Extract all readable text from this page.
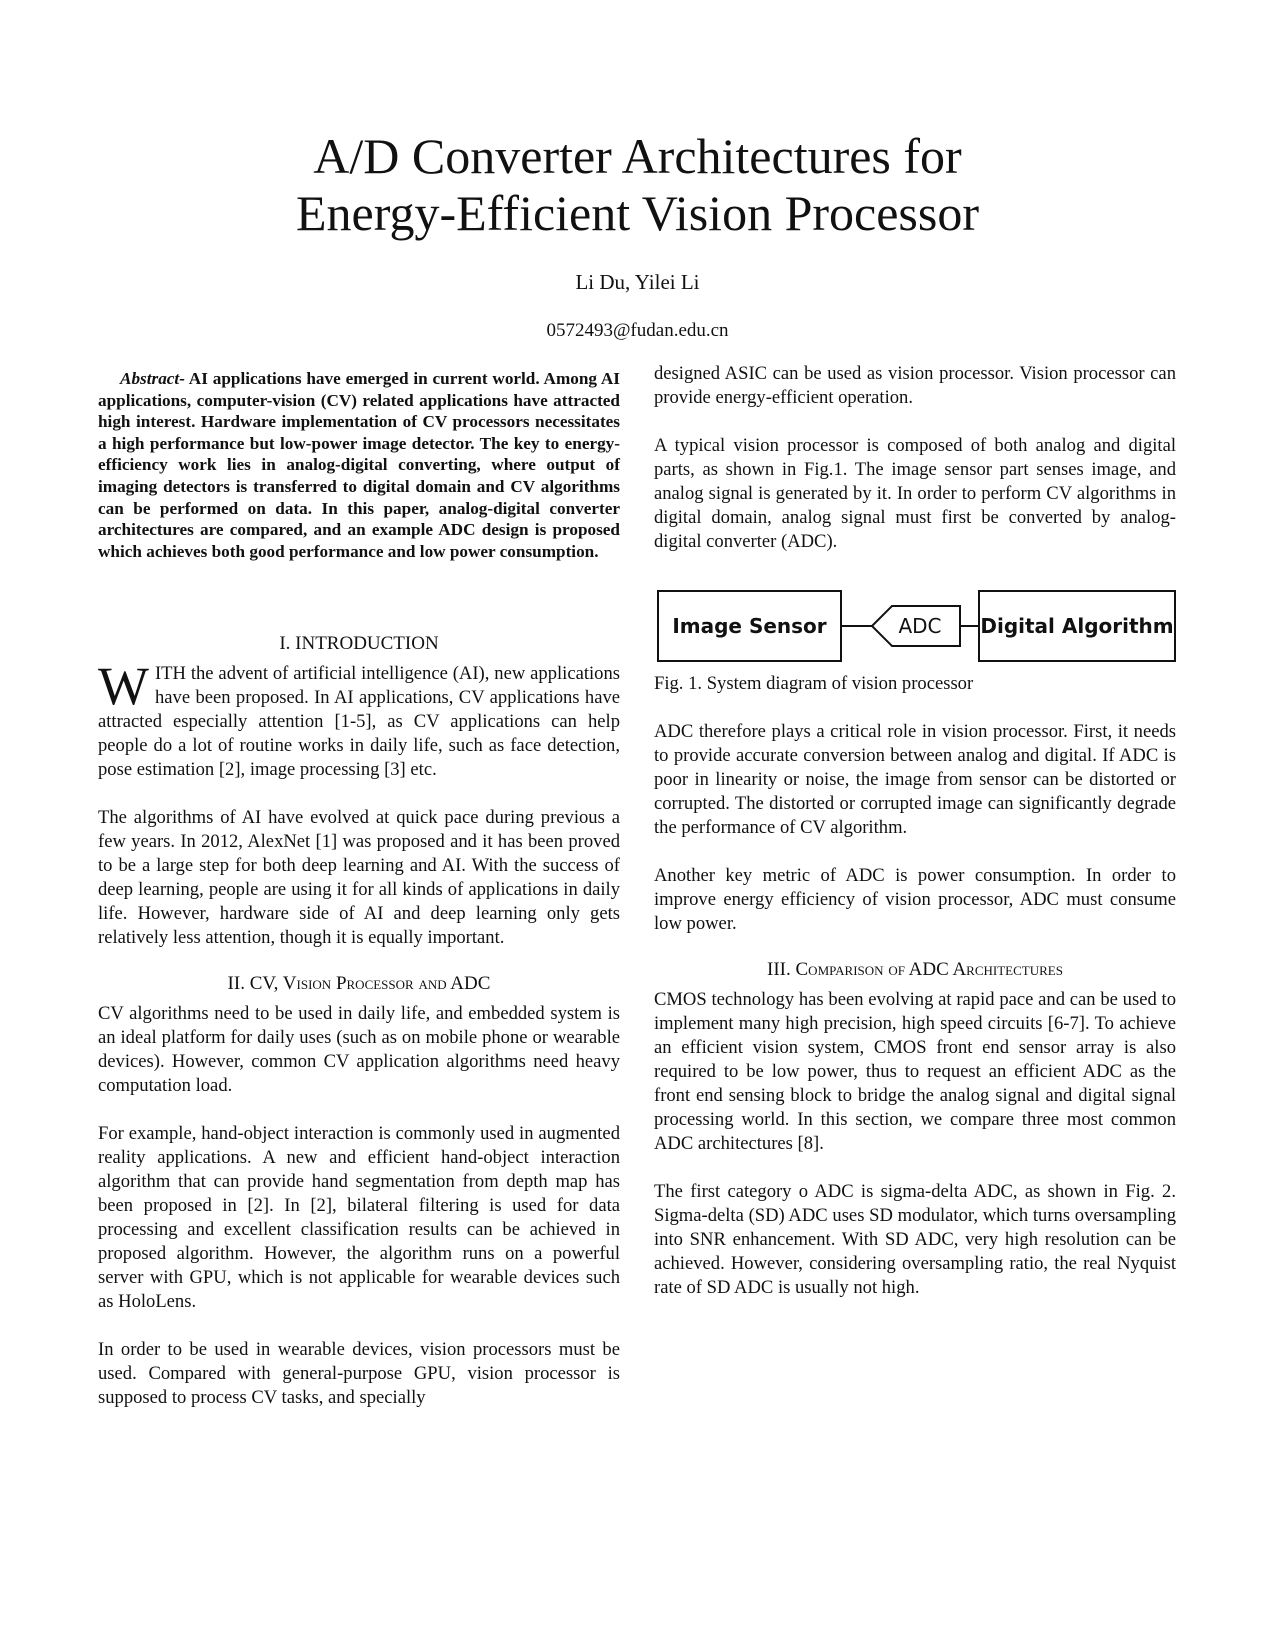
A/D Converter Architectures for
Energy-Efficient Vision Processor
Li Du, Yilei Li
0572493@fudan.edu.cn

Abstract- AI applications have emerged in current world. Among AI applications, computer-vision (CV) related applications have attracted high interest. Hardware implementation of CV processors necessitates a high performance but low-power image detector. The key to energy-efficiency work lies in analog-digital converting, where output of imaging detectors is transferred to digital domain and CV algorithms can be performed on data. In this paper, analog-digital converter architectures are compared, and an example ADC design is proposed which achieves both good performance and low power consumption.

I. INTRODUCTION

WITH the advent of artificial intelligence (AI), new applications have been proposed. In AI applications, CV applications have attracted especially attention [1-5], as CV applications can help people do a lot of routine works in daily life, such as face detection, pose estimation [2], image processing [3] etc.

The algorithms of AI have evolved at quick pace during previous a few years. In 2012, AlexNet [1] was proposed and it has been proved to be a large step for both deep learning and AI. With the success of deep learning, people are using it for all kinds of applications in daily life. However, hardware side of AI and deep learning only gets relatively less attention, though it is equally important.

II. CV, Vision Processor and ADC

CV algorithms need to be used in daily life, and embedded system is an ideal platform for daily uses (such as on mobile phone or wearable devices). However, common CV application algorithms need heavy computation load.

For example, hand-object interaction is commonly used in augmented reality applications. A new and efficient hand-object interaction algorithm that can provide hand segmentation from depth map has been proposed in [2]. In [2], bilateral filtering is used for data processing and excellent classification results can be achieved in proposed algorithm. However, the algorithm runs on a powerful server with GPU, which is not applicable for wearable devices such as HoloLens.

In order to be used in wearable devices, vision processors must be used. Compared with general-purpose GPU, vision processor is supposed to process CV tasks, and specially

designed ASIC can be used as vision processor. Vision processor can provide energy-efficient operation.

A typical vision processor is composed of both analog and digital parts, as shown in Fig.1. The image sensor part senses image, and analog signal is generated by it. In order to perform CV algorithms in digital domain, analog signal must first be converted by analog-digital converter (ADC).

Image Sensor	ADC	Digital Algorithm

Fig. 1. System diagram of vision processor

ADC therefore plays a critical role in vision processor. First, it needs to provide accurate conversion between analog and digital. If ADC is poor in linearity or noise, the image from sensor can be distorted or corrupted. The distorted or corrupted image can significantly degrade the performance of CV algorithm.

Another key metric of ADC is power consumption. In order to improve energy efficiency of vision processor, ADC must consume low power.

III. Comparison of ADC Architectures

CMOS technology has been evolving at rapid pace and can be used to implement many high precision, high speed circuits [6-7]. To achieve an efficient vision system, CMOS front end sensor array is also required to be low power, thus to request an efficient ADC as the front end sensing block to bridge the analog signal and digital signal processing world. In this section, we compare three most common ADC architectures [8].

The first category o ADC is sigma-delta ADC, as shown in Fig. 2. Sigma-delta (SD) ADC uses SD modulator, which turns oversampling into SNR enhancement. With SD ADC, very high resolution can be achieved. However, considering oversampling ratio, the real Nyquist rate of SD ADC is usually not high.
